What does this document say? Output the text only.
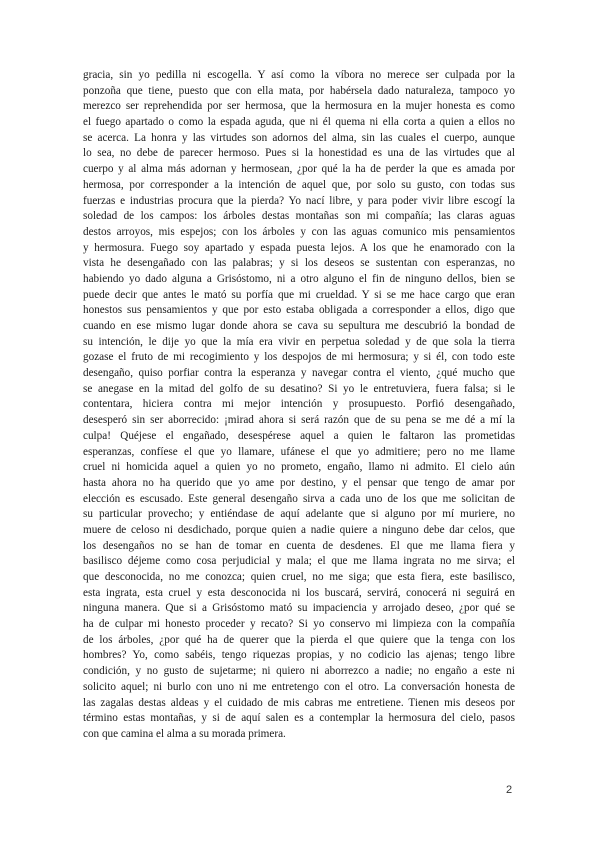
gracia, sin yo pedilla ni escogella. Y así como la víbora no merece ser culpada por la
ponzoña que tiene, puesto que con ella mata, por habérsela dado naturaleza, tampoco yo
merezco ser reprehendida por ser hermosa, que la hermosura en la mujer honesta es como
el fuego apartado o como la espada aguda, que ni él quema ni ella corta a quien a ellos no
se acerca. La honra y las virtudes son adornos del alma, sin las cuales el cuerpo, aunque
lo sea, no debe de parecer hermoso. Pues si la honestidad es una de las virtudes que al
cuerpo y al alma más adornan y hermosean, ¿por qué la ha de perder la que es amada por
hermosa, por corresponder a la intención de aquel que, por solo su gusto, con todas sus
fuerzas e industrias procura que la pierda? Yo nací libre, y para poder vivir libre escogí la
soledad de los campos: los árboles destas montañas son mi compañía; las claras aguas
destos arroyos, mis espejos; con los árboles y con las aguas comunico mis pensamientos
y hermosura. Fuego soy apartado y espada puesta lejos. A los que he enamorado con la
vista he desengañado con las palabras; y si los deseos se sustentan con esperanzas, no
habiendo yo dado alguna a Grisóstomo, ni a otro alguno el fin de ninguno dellos, bien se
puede decir que antes le mató su porfía que mi crueldad. Y si se me hace cargo que eran
honestos sus pensamientos y que por esto estaba obligada a corresponder a ellos, digo que
cuando en ese mismo lugar donde ahora se cava su sepultura me descubrió la bondad de
su intención, le dije yo que la mía era vivir en perpetua soledad y de que sola la tierra
gozase el fruto de mi recogimiento y los despojos de mi hermosura; y si él, con todo este
desengaño, quiso porfiar contra la esperanza y navegar contra el viento, ¿qué mucho que
se anegase en la mitad del golfo de su desatino? Si yo le entretuviera, fuera falsa; si le
contentara, hiciera contra mi mejor intención y prosupuesto. Porfió desengañado,
desesperó sin ser aborrecido: ¡mirad ahora si será razón que de su pena se me dé a mí la
culpa! Quéjese el engañado, desespérese aquel a quien le faltaron las prometidas
esperanzas, confíese el que yo llamare, ufánese el que yo admitiere; pero no me llame
cruel ni homicida aquel a quien yo no prometo, engaño, llamo ni admito. El cielo aún
hasta ahora no ha querido que yo ame por destino, y el pensar que tengo de amar por
elección es escusado. Este general desengaño sirva a cada uno de los que me solicitan de
su particular provecho; y entiéndase de aquí adelante que si alguno por mí muriere, no
muere de celoso ni desdichado, porque quien a nadie quiere a ninguno debe dar celos, que
los desengaños no se han de tomar en cuenta de desdenes. El que me llama fiera y
basilisco déjeme como cosa perjudicial y mala; el que me llama ingrata no me sirva; el
que desconocida, no me conozca; quien cruel, no me siga; que esta fiera, este basilisco,
esta ingrata, esta cruel y esta desconocida ni los buscará, servirá, conocerá ni seguirá en
ninguna manera. Que si a Grisóstomo mató su impaciencia y arrojado deseo, ¿por qué se
ha de culpar mi honesto proceder y recato? Si yo conservo mi limpieza con la compañía
de los árboles, ¿por qué ha de querer que la pierda el que quiere que la tenga con los
hombres? Yo, como sabéis, tengo riquezas propias, y no codicio las ajenas; tengo libre
condición, y no gusto de sujetarme; ni quiero ni aborrezco a nadie; no engaño a este ni
solicito aquel; ni burlo con uno ni me entretengo con el otro. La conversación honesta de
las zagalas destas aldeas y el cuidado de mis cabras me entretiene. Tienen mis deseos por
término estas montañas, y si de aquí salen es a contemplar la hermosura del cielo, pasos
con que camina el alma a su morada primera.
2
